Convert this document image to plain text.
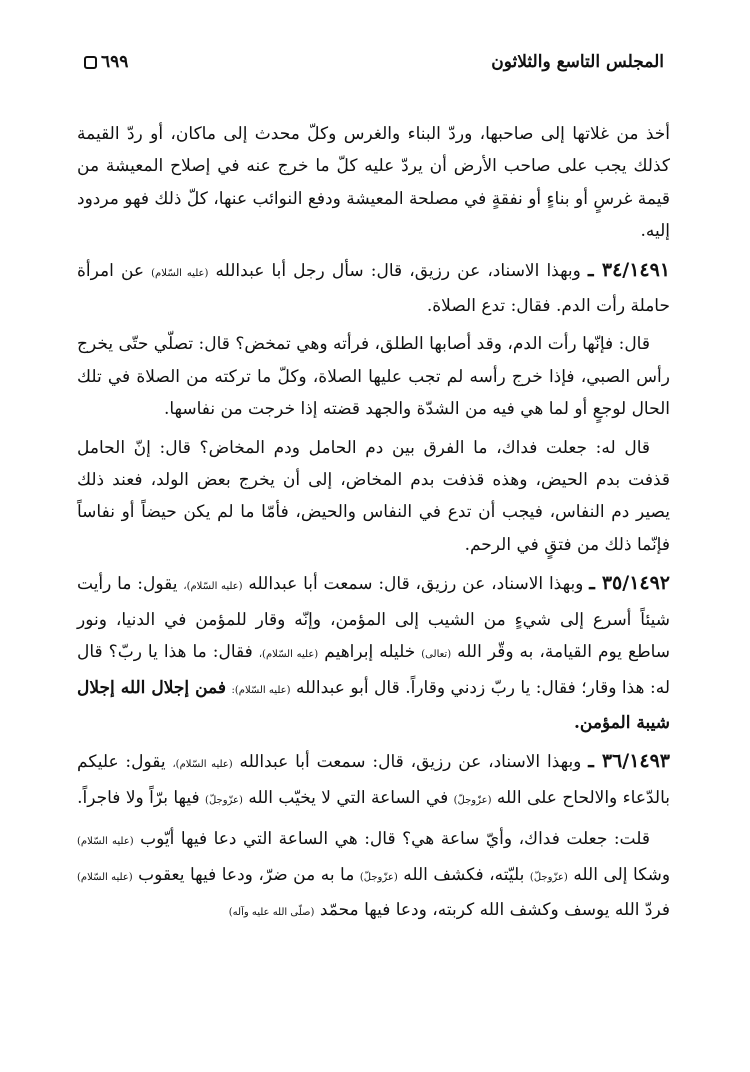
المجلس التاسع والثلاثون
٦٩٩

أخذ من غلاتها إلى صاحبها، وردّ البناء والغرس وكلّ محدث إلى ماكان، أو ردّ القيمة كذلك يجب على صاحب الأرض أن يردّ عليه كلّ ما خرج عنه في إصلاح المعيشة من قيمة غرسٍ أو بناءٍ أو نفقةٍ في مصلحة المعيشة ودفع النوائب عنها، كلّ ذلك فهو مردود إليه.

٣٤/١٤٩١ ـ وبهذا الاسناد، عن رزيق، قال: سأل رجل أبا عبدالله (عليه السّلام) عن امرأة حاملة رأت الدم. فقال: تدع الصلاة.

قال: فإنّها رأت الدم، وقد أصابها الطلق، فرأته وهي تمخض؟ قال: تصلّي حتّى يخرج رأس الصبي، فإذا خرج رأسه لم تجب عليها الصلاة، وكلّ ما تركته من الصلاة في تلك الحال لوجعٍ أو لما هي فيه من الشدّة والجهد قضته إذا خرجت من نفاسها.

قال له: جعلت فداك، ما الفرق بين دم الحامل ودم المخاض؟ قال: إنّ الحامل قذفت بدم الحيض، وهذه قذفت بدم المخاض، إلى أن يخرج بعض الولد، فعند ذلك يصير دم النفاس، فيجب أن تدع في النفاس والحيض، فأمّا ما لم يكن حيضاً أو نفاساً فإنّما ذلك من فتقٍ في الرحم.

٣٥/١٤٩٢ ـ وبهذا الاسناد، عن رزيق، قال: سمعت أبا عبدالله (عليه السّلام)، يقول: ما رأيت شيئاً أسرع إلى شيءٍ من الشيب إلى المؤمن، وإنّه وقار للمؤمن في الدنيا، ونور ساطع يوم القيامة، به وقّر الله (تعالى) خليله إبراهيم (عليه السّلام)، فقال: ما هذا يا ربّ؟ قال له: هذا وقار؛ فقال: يا ربّ زدني وقاراً. قال أبو عبدالله (عليه السّلام): فمن إجلال الله إجلال شيبة المؤمن.

٣٦/١٤٩٣ ـ وبهذا الاسناد، عن رزيق، قال: سمعت أبا عبدالله (عليه السّلام)، يقول: عليكم بالدّعاء والالحاح على الله (عزّوجلّ) في الساعة التي لا يخيّب الله (عزّوجلّ) فيها برّاً ولا فاجراً.

قلت: جعلت فداك، وأيّ ساعة هي؟ قال: هي الساعة التي دعا فيها أيّوب (عليه السّلام) وشكا إلى الله (عزّوجلّ) بليّته، فكشف الله (عزّوجلّ) ما به من ضرّ، ودعا فيها يعقوب (عليه السّلام) فردّ الله يوسف وكشف الله كربته، ودعا فيها محمّد (صلّى الله عليه وآله)
